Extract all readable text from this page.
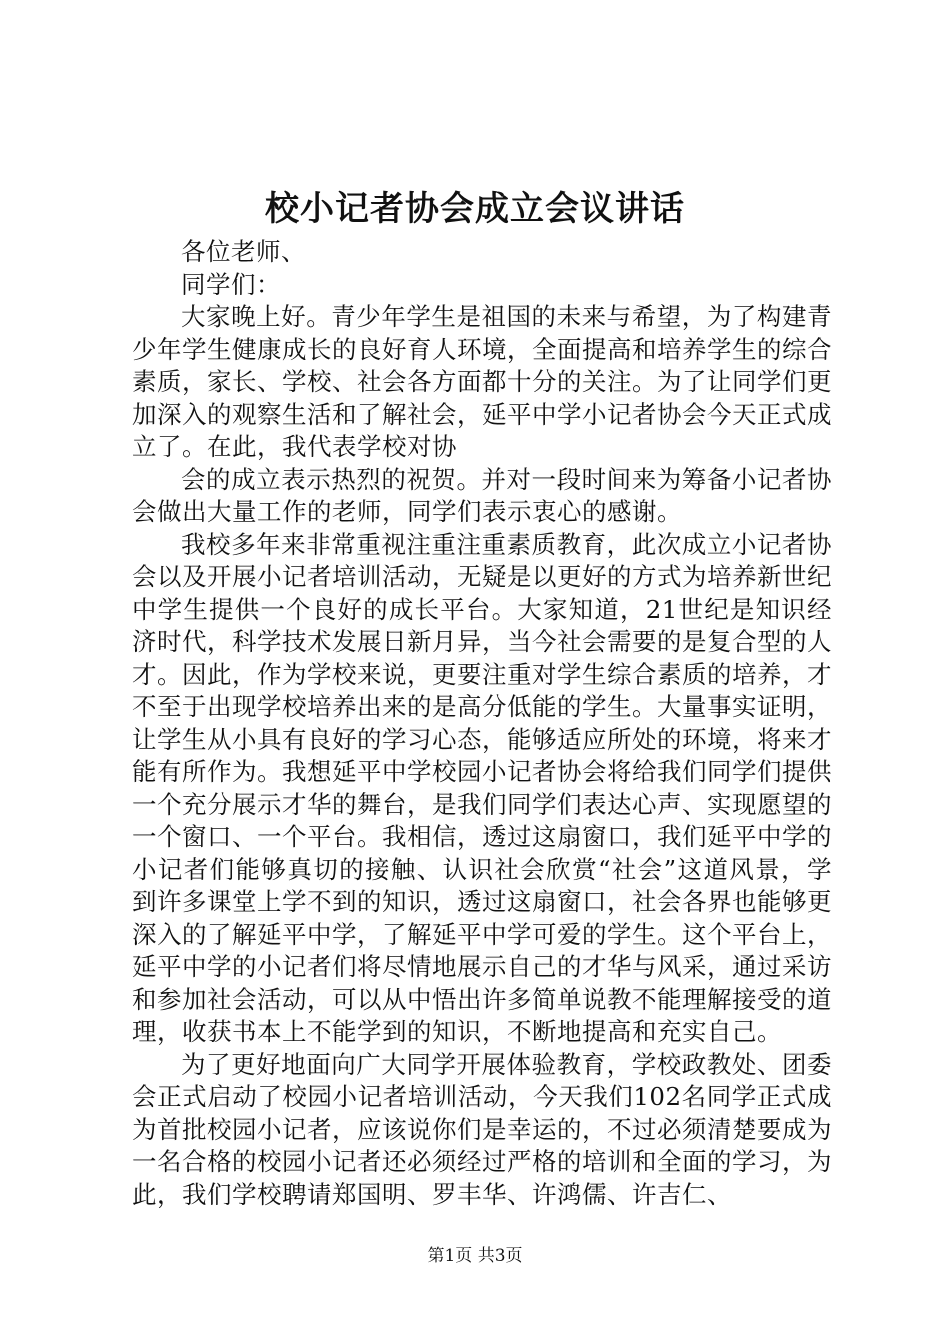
校小记者协会成立会议讲话

各位老师、

同学们：

大家晚上好。青少年学生是祖国的未来与希望，为了构建青少年学生健康成长的良好育人环境，全面提高和培养学生的综合素质，家长、学校、社会各方面都十分的关注。为了让同学们更加深入的观察生活和了解社会，延平中学小记者协会今天正式成立了。在此，我代表学校对协

会的成立表示热烈的祝贺。并对一段时间来为筹备小记者协会做出大量工作的老师，同学们表示衷心的感谢。

我校多年来非常重视注重注重素质教育，此次成立小记者协会以及开展小记者培训活动，无疑是以更好的方式为培养新世纪中学生提供一个良好的成长平台。大家知道，21世纪是知识经济时代，科学技术发展日新月异，当今社会需要的是复合型的人才。因此，作为学校来说，更要注重对学生综合素质的培养，才不至于出现学校培养出来的是高分低能的学生。大量事实证明，让学生从小具有良好的学习心态，能够适应所处的环境，将来才能有所作为。我想延平中学校园小记者协会将给我们同学们提供一个充分展示才华的舞台，是我们同学们表达心声、实现愿望的一个窗口、一个平台。我相信，透过这扇窗口，我们延平中学的小记者们能够真切的接触、认识社会欣赏“社会”这道风景，学到许多课堂上学不到的知识，透过这扇窗口，社会各界也能够更深入的了解延平中学，了解延平中学可爱的学生。这个平台上，延平中学的小记者们将尽情地展示自己的才华与风采，通过采访和参加社会活动，可以从中悟出许多简单说教不能理解接受的道理，收获书本上不能学到的知识，不断地提高和充实自己。

为了更好地面向广大同学开展体验教育，学校政教处、团委会正式启动了校园小记者培训活动，今天我们102名同学正式成为首批校园小记者，应该说你们是幸运的，不过必须清楚要成为一名合格的校园小记者还必须经过严格的培训和全面的学习，为此，我们学校聘请郑国明、罗丰华、许鸿儒、许吉仁、

第1页 共3页
